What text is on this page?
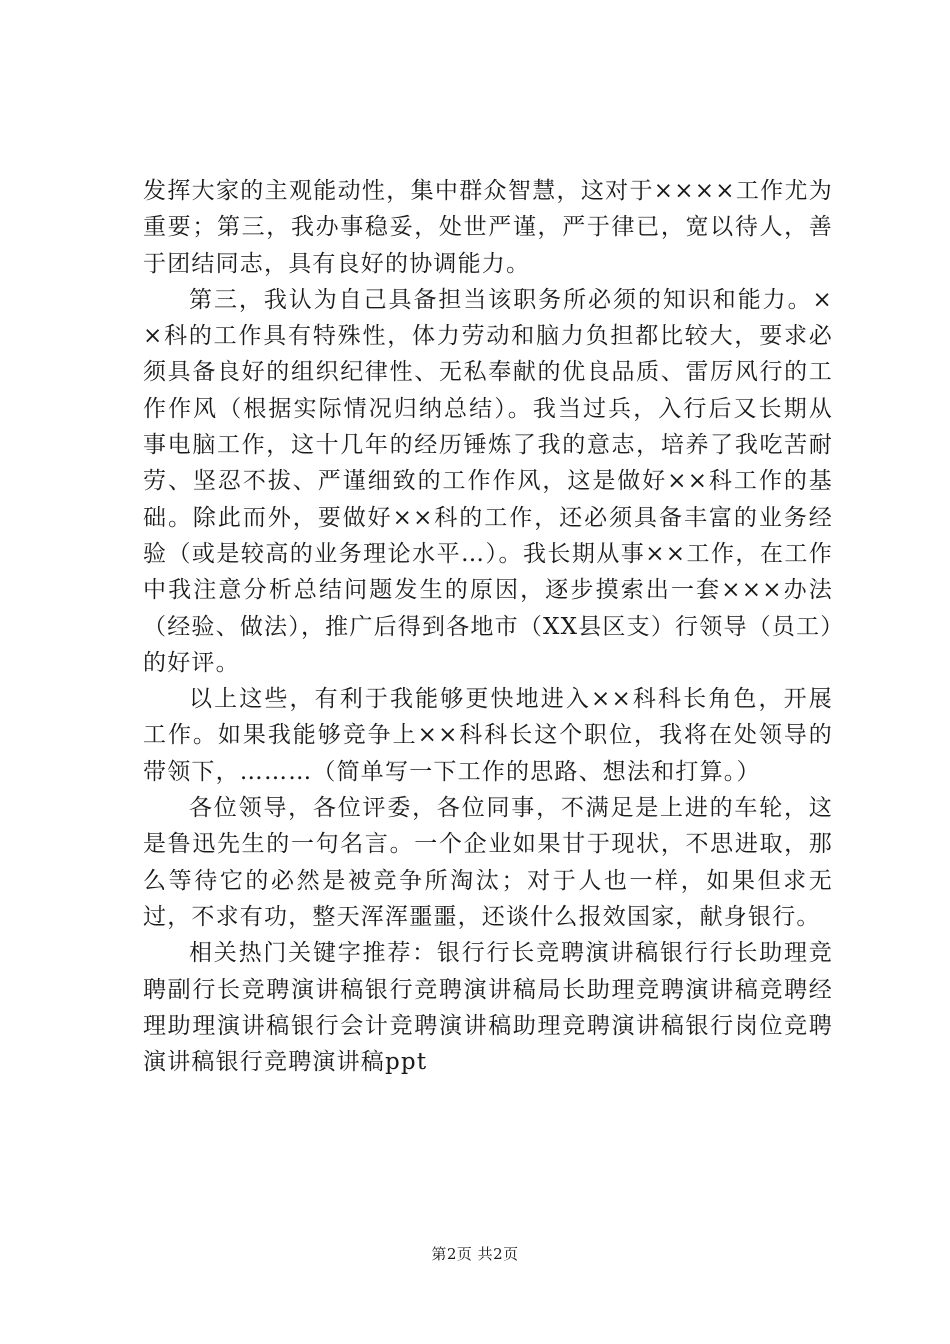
发挥大家的主观能动性，集中群众智慧，这对于××××工作尤为重要；第三，我办事稳妥，处世严谨，严于律已，宽以待人，善于团结同志，具有良好的协调能力。

第三，我认为自己具备担当该职务所必须的知识和能力。××科的工作具有特殊性，体力劳动和脑力负担都比较大，要求必须具备良好的组织纪律性、无私奉献的优良品质、雷厉风行的工作作风（根据实际情况归纳总结）。我当过兵，入行后又长期从事电脑工作，这十几年的经历锤炼了我的意志，培养了我吃苦耐劳、坚忍不拔、严谨细致的工作作风，这是做好××科工作的基础。除此而外，要做好××科的工作，还必须具备丰富的业务经验（或是较高的业务理论水平…）。我长期从事××工作，在工作中我注意分析总结问题发生的原因，逐步摸索出一套×××办法（经验、做法），推广后得到各地市（XX县区支）行领导（员工）的好评。

以上这些，有利于我能够更快地进入××科科长角色，开展工作。如果我能够竞争上××科科长这个职位，我将在处领导的带领下，………（简单写一下工作的思路、想法和打算。）

各位领导，各位评委，各位同事，不满足是上进的车轮，这是鲁迅先生的一句名言。一个企业如果甘于现状，不思进取，那么等待它的必然是被竞争所淘汰；对于人也一样，如果但求无过，不求有功，整天浑浑噩噩，还谈什么报效国家，献身银行。

相关热门关键字推荐：银行行长竞聘演讲稿银行行长助理竞聘副行长竞聘演讲稿银行竞聘演讲稿局长助理竞聘演讲稿竞聘经理助理演讲稿银行会计竞聘演讲稿助理竞聘演讲稿银行岗位竞聘演讲稿银行竞聘演讲稿ppt

第2页 共2页
